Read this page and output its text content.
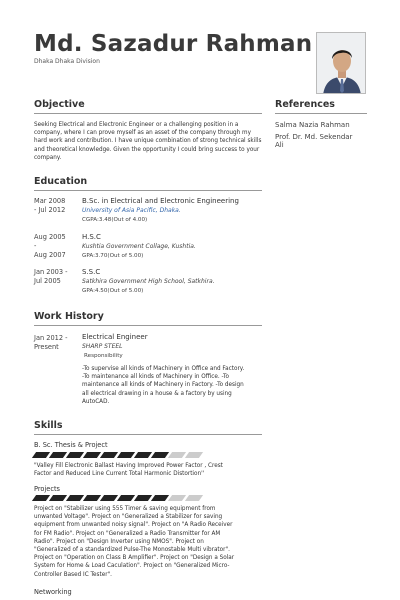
Md. Sazadur Rahman
Dhaka Dhaka Division
Objective
Seeking Electrical and Electronic Engineer or a challenging position in a company, where I can prove myself as an asset of the company through my hard work and contribution. I have unique combination of strong technical skills and theoretical knowledge. Given the opportunity I could bring success to your company.
References
Salma Nazia Rahman
Prof. Dr. Md. Sekendar
Ali
Education
Mar 2008
- Jul 2012
B.Sc. in Electrical and Electronic Engineering
University of Asia Pacific, Dhaka.
CGPA:3.48(Out of 4.00)
Aug 2005
-
Aug 2007
H.S.C
Kushtia Government Collage, Kushtia.
GPA:3.70(Out of 5.00)
Jan 2003 -
Jul 2005
S.S.C
Satkhira Government High School, Satkhira.
GPA:4.50(Out of 5.00)
Work History
Jan 2012 -
Present
Electrical Engineer
SHARP STEEL
Responsibility
-To supervise all kinds of Machinery in Office and Factory.
-To maintenance all kinds of Machinery in Office. -To
maintenance all kinds of Machinery in Factory. -To design
all electrical drawing in a house & a factory by using
AutoCAD.
Skills
B. Sc. Thesis & Project
"Valley Fill Electronic Ballast Having Improved Power Factor , Crest
Factor and Reduced Line Current Total Harmonic Distortion''
Projects
Project on "Stabilizer using 555 Timer & saving equipment from
unwanted Voltage". Project on "Generalized a Stabilizer for saving
equipment from unwanted noisy signal". Project on "A Radio Receiver
for FM Radio". Project on "Generalized a Radio Transmitter for AM
Radio". Project on "Design Inverter using NMOS". Project on
"Generalized of a standardized Pulse-The Monostable Multi vibrator".
Project on "Operation on Class B Amplifier". Project on "Design a Solar
System for Home & Load Caculation". Project on "Generalized Micro-
Controller Based IC Tester".
Networking
